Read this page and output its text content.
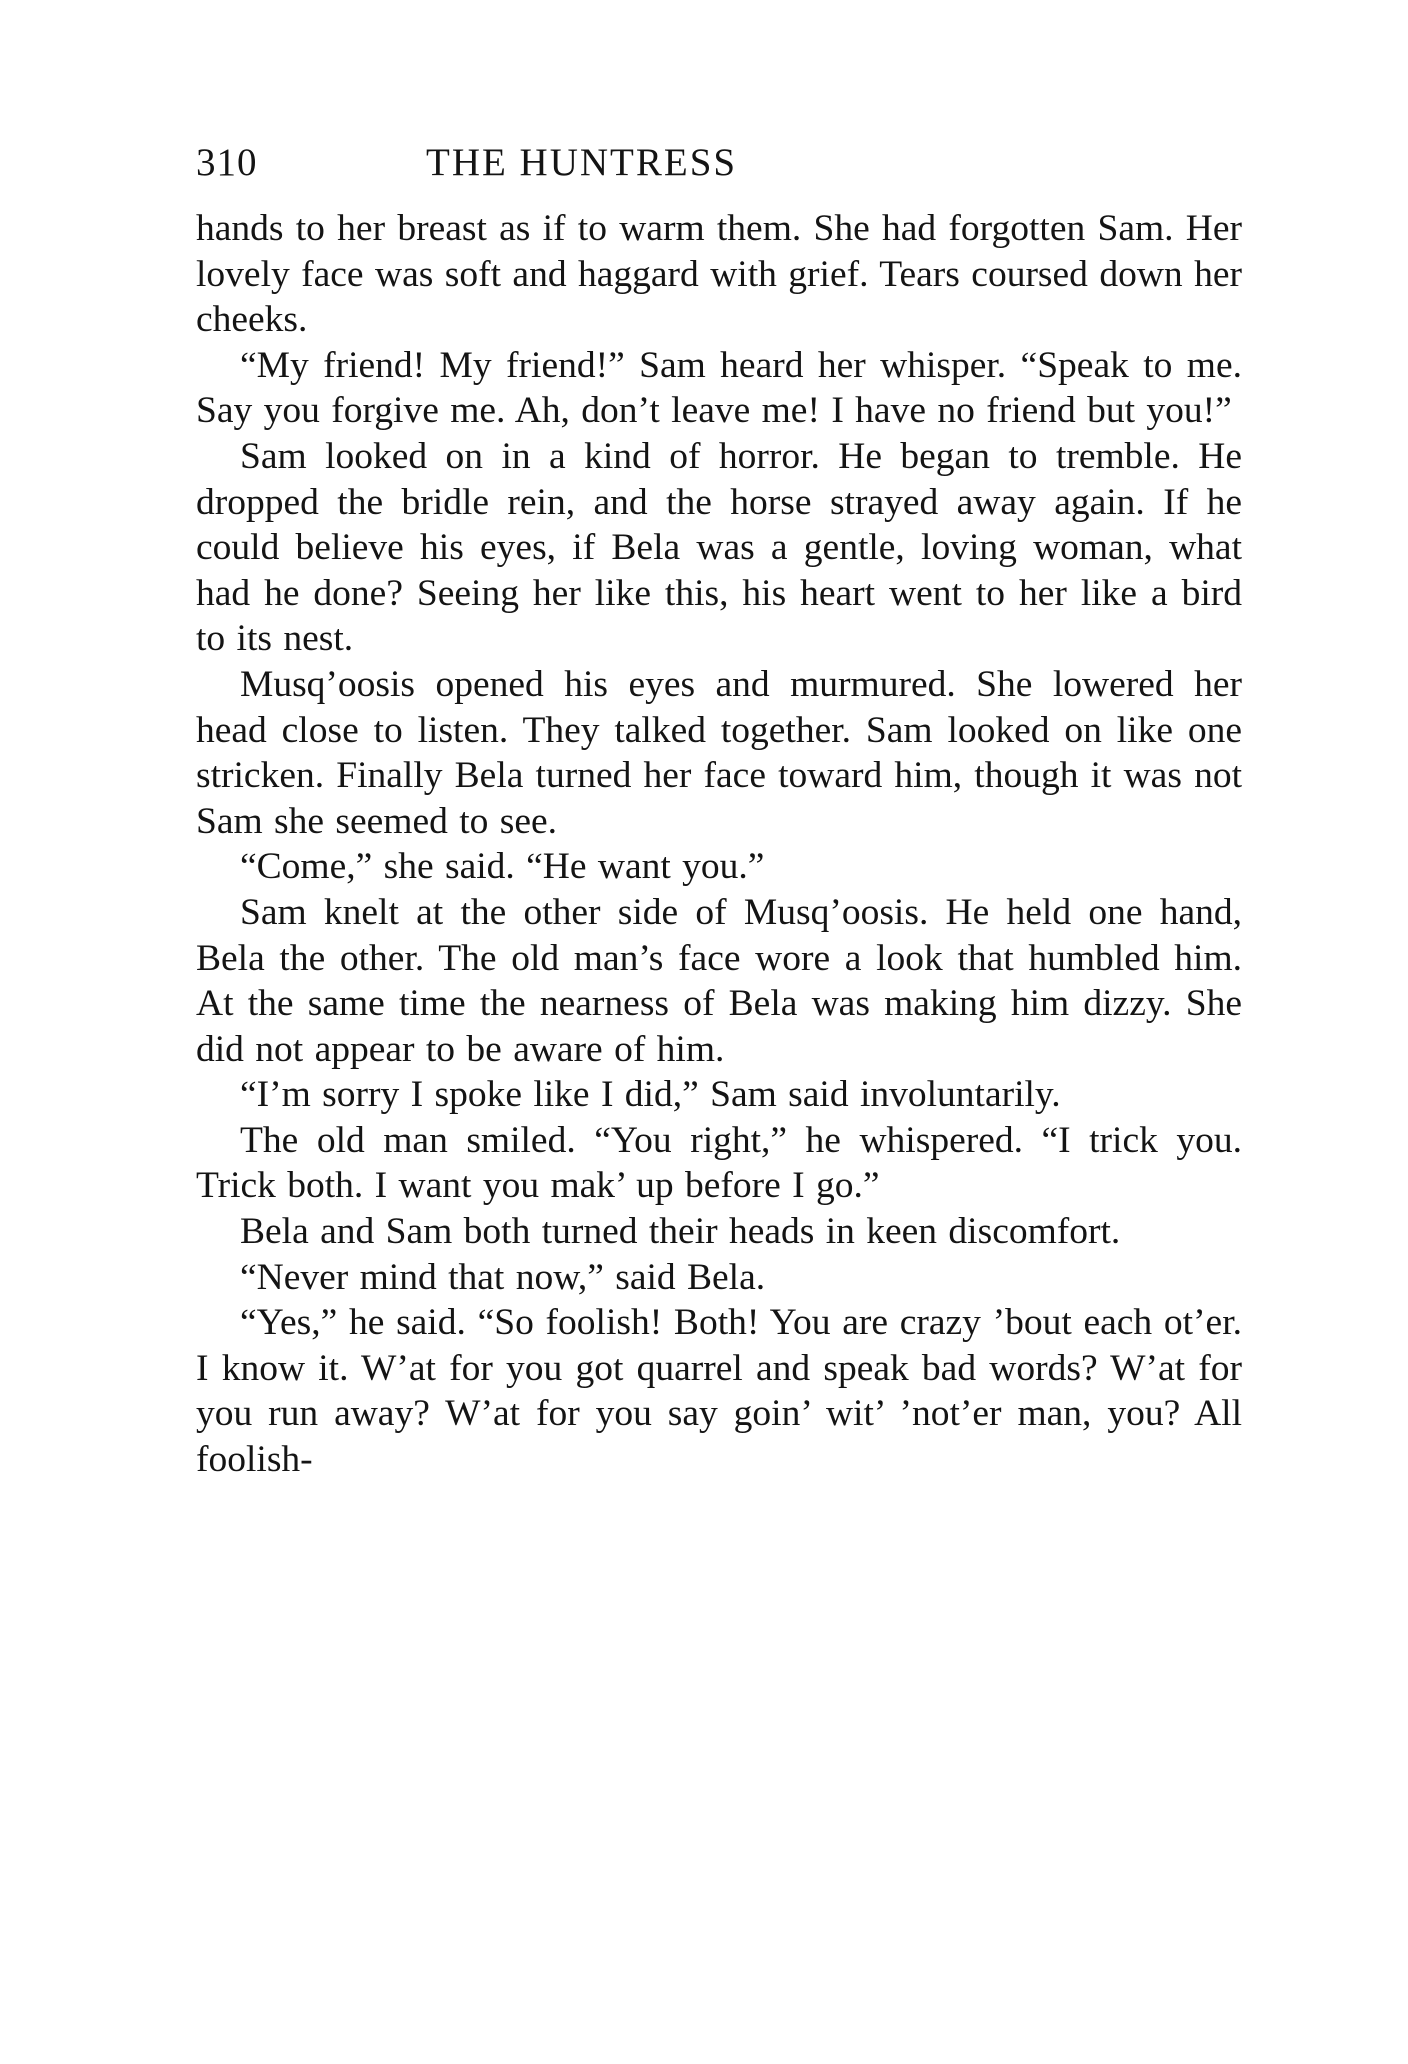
310	THE HUNTRESS

hands to her breast as if to warm them. She had forgotten Sam. Her lovely face was soft and haggard with grief. Tears coursed down her cheeks.

“My friend! My friend!” Sam heard her whisper. “Speak to me. Say you forgive me. Ah, don’t leave me! I have no friend but you!”

Sam looked on in a kind of horror. He began to tremble. He dropped the bridle rein, and the horse strayed away again. If he could believe his eyes, if Bela was a gentle, loving woman, what had he done? Seeing her like this, his heart went to her like a bird to its nest.

Musq’oosis opened his eyes and murmured. She lowered her head close to listen. They talked together. Sam looked on like one stricken. Finally Bela turned her face toward him, though it was not Sam she seemed to see.

“Come,” she said. “He want you.”

Sam knelt at the other side of Musq’oosis. He held one hand, Bela the other. The old man’s face wore a look that humbled him. At the same time the nearness of Bela was making him dizzy. She did not appear to be aware of him.

“I’m sorry I spoke like I did,” Sam said involuntarily.

The old man smiled. “You right,” he whispered. “I trick you. Trick both. I want you mak’ up before I go.”

Bela and Sam both turned their heads in keen discomfort.

“Never mind that now,” said Bela.

“Yes,” he said. “So foolish! Both! You are crazy ’bout each ot’er. I know it. W’at for you got quarrel and speak bad words? W’at for you run away? W’at for you say goin’ wit’ ’not’er man, you? All foolish-
